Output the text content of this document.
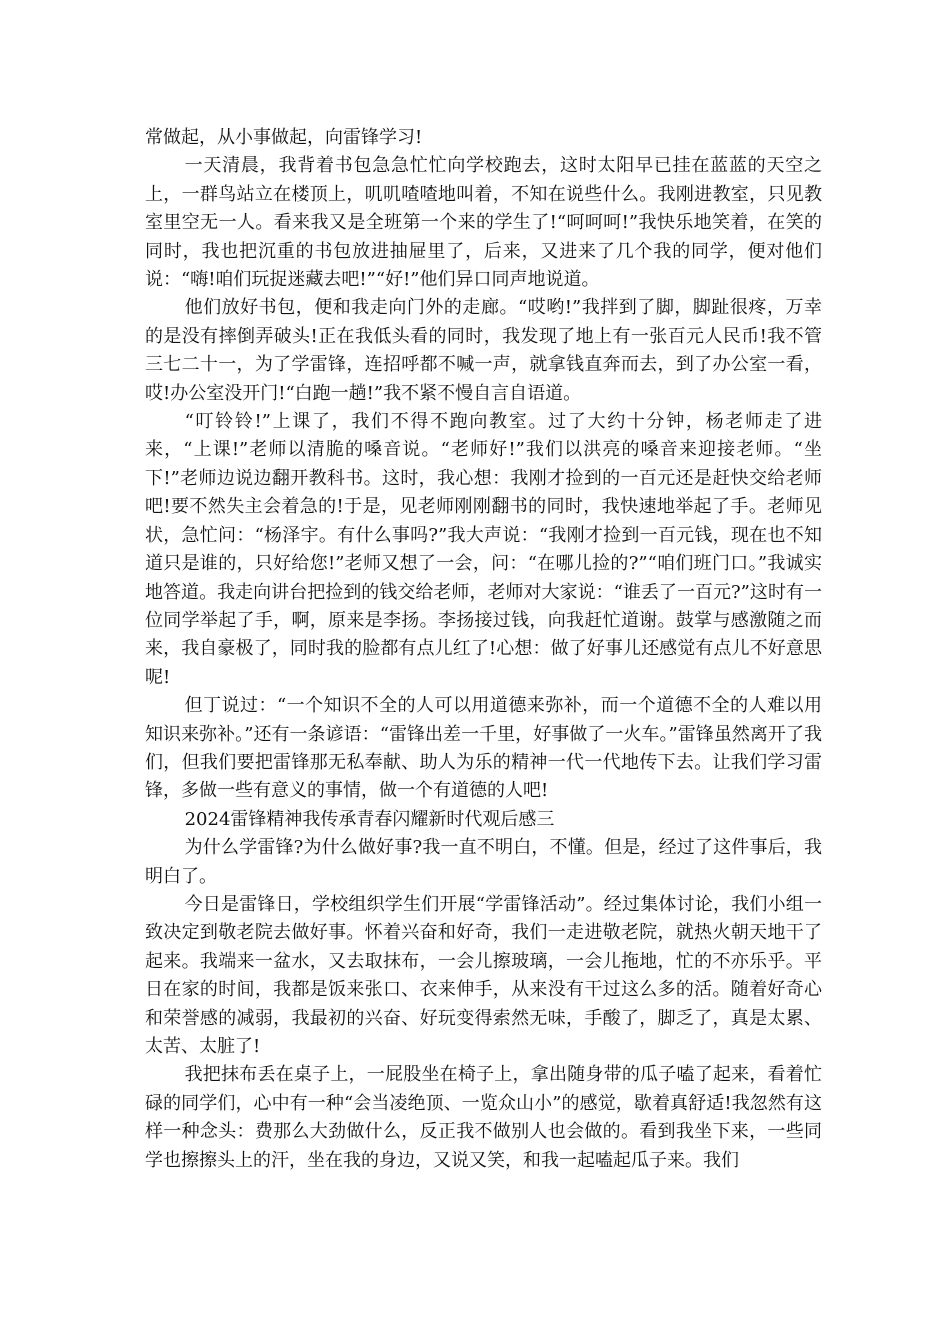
常做起，从小事做起，向雷锋学习!

一天清晨，我背着书包急急忙忙向学校跑去，这时太阳早已挂在蓝蓝的天空之上，一群鸟站立在楼顶上，叽叽喳喳地叫着，不知在说些什么。我刚进教室，只见教室里空无一人。看来我又是全班第一个来的学生了!“呵呵呵!”我快乐地笑着，在笑的同时，我也把沉重的书包放进抽屉里了，后来，又进来了几个我的同学，便对他们说：“嗨!咱们玩捉迷藏去吧!”“好!”他们异口同声地说道。

他们放好书包，便和我走向门外的走廊。“哎哟!”我拌到了脚，脚趾很疼，万幸的是没有摔倒弄破头!正在我低头看的同时，我发现了地上有一张百元人民币!我不管三七二十一，为了学雷锋，连招呼都不喊一声，就拿钱直奔而去，到了办公室一看，哎!办公室没开门!“白跑一趟!”我不紧不慢自言自语道。

“叮铃铃!”上课了，我们不得不跑向教室。过了大约十分钟，杨老师走了进来，“上课!”老师以清脆的嗓音说。“老师好!”我们以洪亮的嗓音来迎接老师。“坐下!”老师边说边翻开教科书。这时，我心想：我刚才捡到的一百元还是赶快交给老师吧!要不然失主会着急的!于是，见老师刚刚翻书的同时，我快速地举起了手。老师见状，急忙问：“杨泽宇。有什么事吗?”我大声说：“我刚才捡到一百元钱，现在也不知道只是谁的，只好给您!”老师又想了一会，问：“在哪儿捡的?”“咱们班门口。”我诚实地答道。我走向讲台把捡到的钱交给老师，老师对大家说：“谁丢了一百元?”这时有一位同学举起了手，啊，原来是李扬。李扬接过钱，向我赶忙道谢。鼓掌与感激随之而来，我自豪极了，同时我的脸都有点儿红了!心想：做了好事儿还感觉有点儿不好意思呢!

但丁说过：“一个知识不全的人可以用道德来弥补，而一个道德不全的人难以用知识来弥补。”还有一条谚语：“雷锋出差一千里，好事做了一火车。”雷锋虽然离开了我们，但我们要把雷锋那无私奉献、助人为乐的精神一代一代地传下去。让我们学习雷锋，多做一些有意义的事情，做一个有道德的人吧!

2024雷锋精神我传承青春闪耀新时代观后感三

为什么学雷锋?为什么做好事?我一直不明白，不懂。但是，经过了这件事后，我明白了。

今日是雷锋日，学校组织学生们开展“学雷锋活动”。经过集体讨论，我们小组一致决定到敬老院去做好事。怀着兴奋和好奇，我们一走进敬老院，就热火朝天地干了起来。我端来一盆水，又去取抹布，一会儿擦玻璃，一会儿拖地，忙的不亦乐乎。平日在家的时间，我都是饭来张口、衣来伸手，从来没有干过这么多的活。随着好奇心和荣誉感的减弱，我最初的兴奋、好玩变得索然无味，手酸了，脚乏了，真是太累、太苦、太脏了!

我把抹布丢在桌子上，一屁股坐在椅子上，拿出随身带的瓜子嗑了起来，看着忙碌的同学们，心中有一种“会当凌绝顶、一览众山小”的感觉，歇着真舒适!我忽然有这样一种念头：费那么大劲做什么，反正我不做别人也会做的。看到我坐下来，一些同学也擦擦头上的汗，坐在我的身边，又说又笑，和我一起嗑起瓜子来。我们
